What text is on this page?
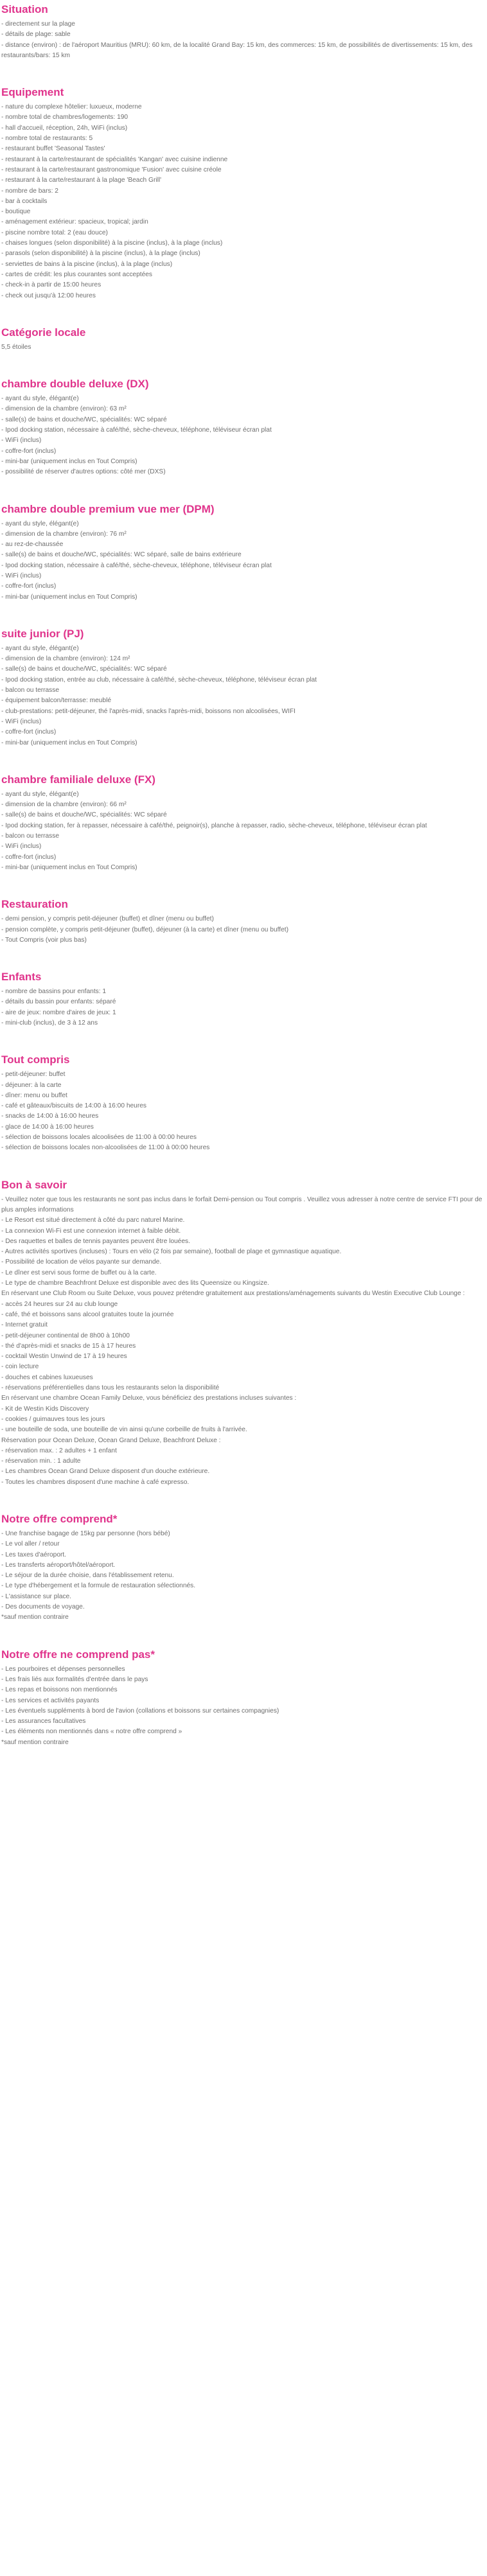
Situation
- directement sur la plage
- détails de plage: sable
- distance (environ) : de l'aéroport Mauritius (MRU): 60 km, de la localité Grand Bay: 15 km, des commerces: 15 km, de possibilités de divertissements: 15 km, des restaurants/bars: 15 km
Equipement
- nature du complexe hôtelier: luxueux, moderne
- nombre total de chambres/logements: 190
- hall d'accueil, réception, 24h, WiFi (inclus)
- nombre total de restaurants: 5
- restaurant buffet 'Seasonal Tastes'
- restaurant à la carte/restaurant de spécialités 'Kangan' avec cuisine indienne
- restaurant à la carte/restaurant gastronomique 'Fusion' avec cuisine créole
- restaurant à la carte/restaurant à la plage 'Beach Grill'
- nombre de bars: 2
- bar à cocktails
- boutique
- aménagement extérieur: spacieux, tropical; jardin
- piscine nombre total: 2 (eau douce)
- chaises longues (selon disponibilité) à la piscine (inclus), à la plage (inclus)
- parasols (selon disponibilité) à la piscine (inclus), à la plage (inclus)
- serviettes de bains à la piscine (inclus), à la plage (inclus)
- cartes de crédit: les plus courantes sont acceptées
- check-in à partir de 15:00 heures
- check out jusqu'à 12:00 heures
Catégorie locale
5,5 étoiles
chambre double deluxe (DX)
- ayant du style, élégant(e)
- dimension de la chambre (environ): 63 m²
- salle(s) de bains et douche/WC, spécialités: WC séparé
- Ipod docking station, nécessaire à café/thé, sèche-cheveux, téléphone, téléviseur écran plat
- WiFi (inclus)
- coffre-fort (inclus)
- mini-bar (uniquement inclus en Tout Compris)
- possibilité de réserver d'autres options: côté mer (DXS)
chambre double premium vue mer (DPM)
- ayant du style, élégant(e)
- dimension de la chambre (environ): 76 m²
- au rez-de-chaussée
- salle(s) de bains et douche/WC, spécialités: WC séparé, salle de bains extérieure
- Ipod docking station, nécessaire à café/thé, sèche-cheveux, téléphone, téléviseur écran plat
- WiFi (inclus)
- coffre-fort (inclus)
- mini-bar (uniquement inclus en Tout Compris)
suite junior (PJ)
- ayant du style, élégant(e)
- dimension de la chambre (environ): 124 m²
- salle(s) de bains et douche/WC, spécialités: WC séparé
- Ipod docking station, entrée au club, nécessaire à café/thé, sèche-cheveux, téléphone, téléviseur écran plat
- balcon ou terrasse
- équipement balcon/terrasse: meublé
- club-prestations: petit-déjeuner, thé l'après-midi, snacks l'après-midi, boissons non alcoolisées, WIFI
- WiFi (inclus)
- coffre-fort (inclus)
- mini-bar (uniquement inclus en Tout Compris)
chambre familiale deluxe (FX)
- ayant du style, élégant(e)
- dimension de la chambre (environ): 66 m²
- salle(s) de bains et douche/WC, spécialités: WC séparé
- Ipod docking station, fer à repasser, nécessaire à café/thé, peignoir(s), planche à repasser, radio, sèche-cheveux, téléphone, téléviseur écran plat
- balcon ou terrasse
- WiFi (inclus)
- coffre-fort (inclus)
- mini-bar (uniquement inclus en Tout Compris)
Restauration
- demi pension, y compris petit-déjeuner (buffet) et dîner (menu ou buffet)
- pension complète, y compris petit-déjeuner (buffet), déjeuner (à la carte) et dîner (menu ou buffet)
- Tout Compris (voir plus bas)
Enfants
- nombre de bassins pour enfants: 1
- détails du bassin pour enfants: séparé
- aire de jeux: nombre d'aires de jeux: 1
- mini-club (inclus), de 3 à 12 ans
Tout compris
- petit-déjeuner: buffet
- déjeuner: à la carte
- dîner: menu ou buffet
- café et gâteaux/biscuits de 14:00 à 16:00 heures
- snacks de 14:00 à 16:00 heures
- glace de 14:00 à 16:00 heures
- sélection de boissons locales alcoolisées de 11:00 à 00:00 heures
- sélection de boissons locales non-alcoolisées de 11:00 à 00:00 heures
Bon à savoir
- Veuillez noter que tous les restaurants ne sont pas inclus dans le forfait Demi-pension ou Tout compris . Veuillez vous adresser à notre centre de service FTI pour de plus amples informations
- Le Resort est situé directement à côté du parc naturel Marine.
- La connexion Wi-Fi est une connexion internet à faible débit.
- Des raquettes et balles de tennis payantes peuvent être louées.
- Autres activités sportives (incluses) : Tours en vélo (2 fois par semaine), football de plage et gymnastique aquatique.
- Possibilité de location de vélos payante sur demande.
- Le dîner est servi sous forme de buffet ou à la carte.
- Le type de chambre Beachfront Deluxe est disponible avec des lits Queensize ou Kingsize.
En réservant une Club Room ou Suite Deluxe, vous pouvez prétendre gratuitement aux prestations/aménagements suivants du Westin Executive Club Lounge :
- accès 24 heures sur 24 au club lounge
- café, thé et boissons sans alcool gratuites toute la journée
- Internet gratuit
- petit-déjeuner continental de 8h00 à 10h00
- thé d'après-midi et snacks de 15 à 17 heures
- cocktail Westin Unwind de 17 à 19 heures
- coin lecture
- douches et cabines luxueuses
- réservations préférentielles dans tous les restaurants selon la disponibilité
En réservant une chambre Ocean Family Deluxe, vous bénéficiez des prestations incluses suivantes :
- Kit de Westin Kids Discovery
- cookies / guimauves tous les jours
- une bouteille de soda, une bouteille de vin ainsi qu'une corbeille de fruits à l'arrivée.
Réservation pour Ocean Deluxe, Ocean Grand Deluxe, Beachfront Deluxe :
- réservation max. : 2 adultes + 1 enfant
- réservation min. : 1 adulte
- Les chambres Ocean Grand Deluxe disposent d'un douche extérieure.
- Toutes les chambres disposent d'une machine à café expresso.
Notre offre comprend*
- Une franchise bagage de 15kg par personne (hors bébé)
- Le vol aller / retour
- Les taxes d'aéroport.
- Les transferts aéroport/hôtel/aéroport.
- Le séjour de la durée choisie, dans l'établissement retenu.
- Le type d'hébergement et la formule de restauration sélectionnés.
- L'assistance sur place.
- Des documents de voyage.
*sauf mention contraire
Notre offre ne comprend pas*
- Les pourboires et dépenses personnelles
- Les frais liés aux formalités d'entrée dans le pays
- Les repas et boissons non mentionnés
- Les services et activités payants
- Les éventuels suppléments à bord de l'avion (collations et boissons sur certaines compagnies)
- Les assurances facultatives
- Les éléments non mentionnés dans « notre offre comprend »
*sauf mention contraire
